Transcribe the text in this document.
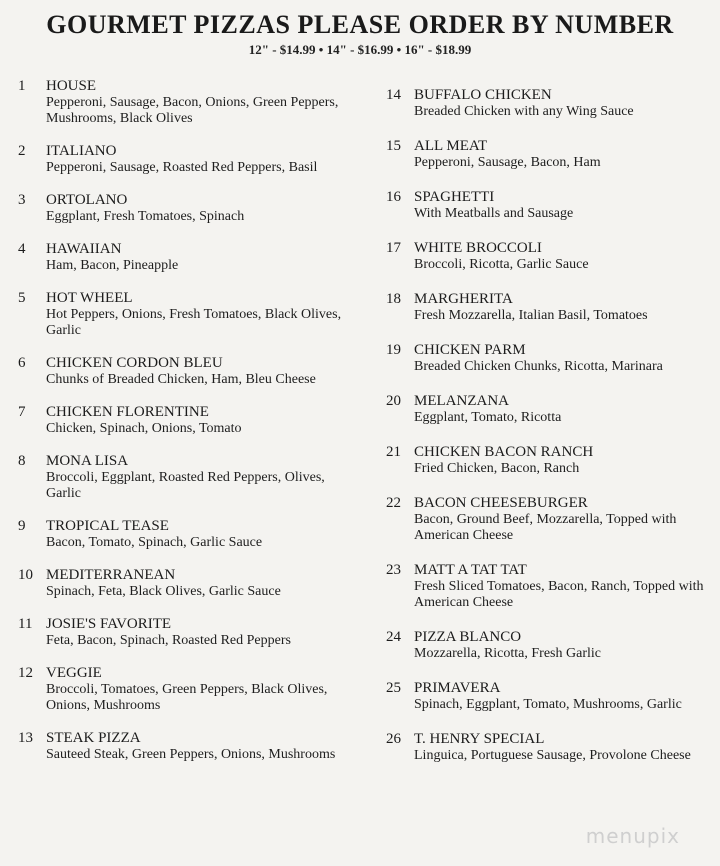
GOURMET PIZZAS PLEASE ORDER BY NUMBER
12" - $14.99 • 14" - $16.99 • 16" - $18.99
1	HOUSE
Pepperoni, Sausage, Bacon, Onions, Green Peppers, Mushrooms, Black Olives
2	ITALIANO
Pepperoni, Sausage, Roasted Red Peppers, Basil
3	ORTOLANO
Eggplant, Fresh Tomatoes, Spinach
4	HAWAIIAN
Ham, Bacon, Pineapple
5	HOT WHEEL
Hot Peppers, Onions, Fresh Tomatoes, Black Olives, Garlic
6	CHICKEN CORDON BLEU
Chunks of Breaded Chicken, Ham, Bleu Cheese
7	CHICKEN FLORENTINE
Chicken, Spinach, Onions, Tomato
8	MONA LISA
Broccoli, Eggplant, Roasted Red Peppers, Olives, Garlic
9	TROPICAL TEASE
Bacon, Tomato, Spinach, Garlic Sauce
10 MEDITERRANEAN
Spinach, Feta, Black Olives, Garlic Sauce
11 JOSIE'S FAVORITE
Feta, Bacon, Spinach, Roasted Red Peppers
12 VEGGIE
Broccoli, Tomatoes, Green Peppers, Black Olives, Onions, Mushrooms
13 STEAK PIZZA
Sauteed Steak, Green Peppers, Onions, Mushrooms
14 BUFFALO CHICKEN
Breaded Chicken with any Wing Sauce
15 ALL MEAT
Pepperoni, Sausage, Bacon, Ham
16 SPAGHETTI
With Meatballs and Sausage
17 WHITE BROCCOLI
Broccoli, Ricotta, Garlic Sauce
18 MARGHERITA
Fresh Mozzarella, Italian Basil, Tomatoes
19 CHICKEN PARM
Breaded Chicken Chunks, Ricotta, Marinara
20 MELANZANA
Eggplant, Tomato, Ricotta
21 CHICKEN BACON RANCH
Fried Chicken, Bacon, Ranch
22 BACON CHEESEBURGER
Bacon, Ground Beef, Mozzarella, Topped with American Cheese
23 MATT A TAT TAT
Fresh Sliced Tomatoes, Bacon, Ranch, Topped with American Cheese
24 PIZZA BLANCO
Mozzarella, Ricotta, Fresh Garlic
25 PRIMAVERA
Spinach, Eggplant, Tomato, Mushrooms, Garlic
26 T. HENRY SPECIAL
Linguica, Portuguese Sausage, Provolone Cheese
menupix
